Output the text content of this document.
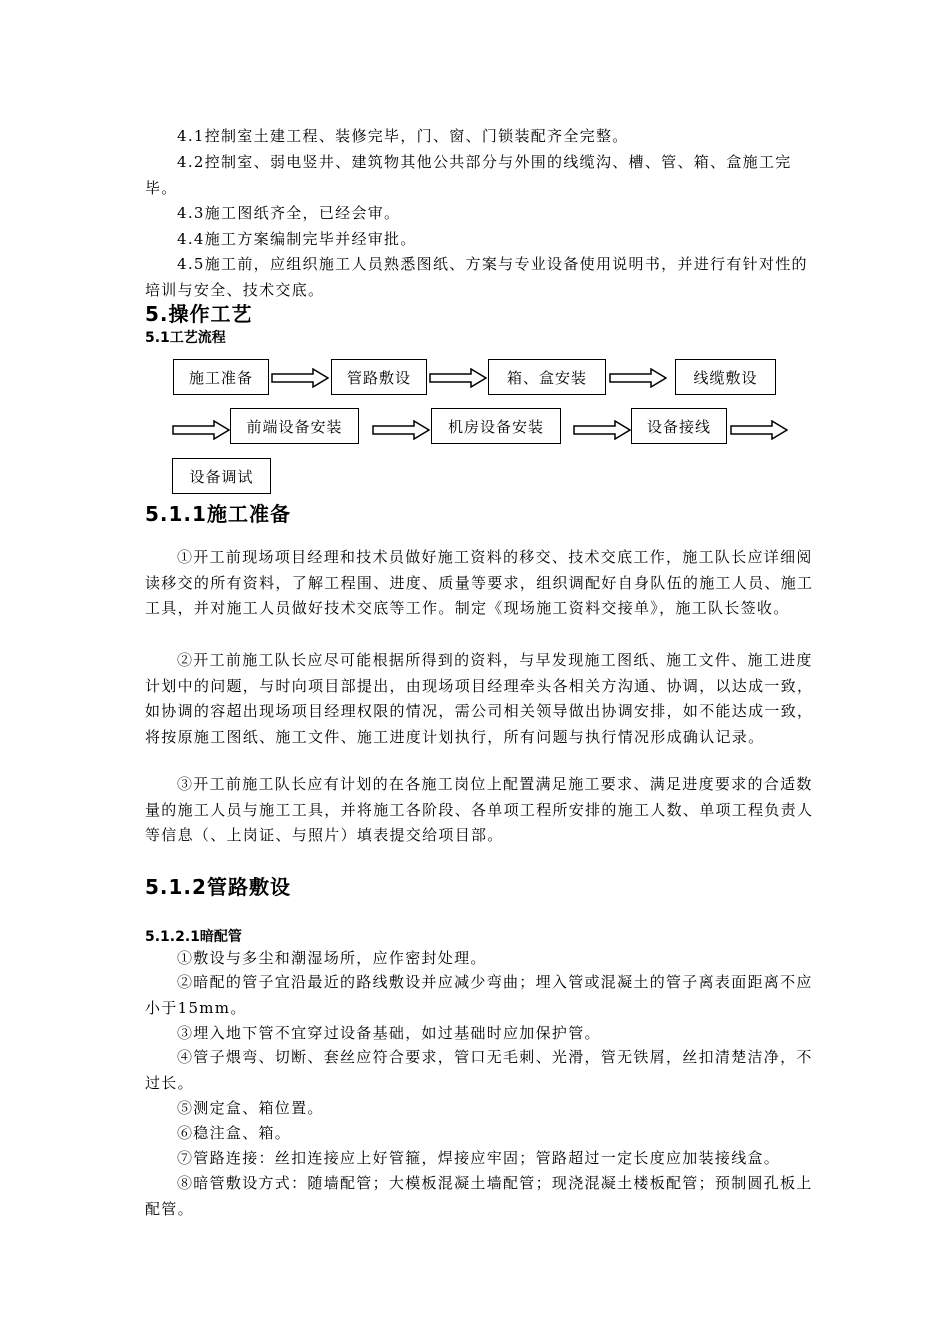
4.1控制室土建工程、装修完毕，门、窗、门锁装配齐全完整。

4.2控制室、弱电竖井、建筑物其他公共部分与外围的线缆沟、槽、管、箱、盒施工完毕。

4.3施工图纸齐全，已经会审。

4.4施工方案编制完毕并经审批。

4.5施工前，应组织施工人员熟悉图纸、方案与专业设备使用说明书，并进行有针对性的培训与安全、技术交底。

5.操作工艺
5.1工艺流程
施工准备	管路敷设	箱、盒安装	线缆敷设
前端设备安装	机房设备安装	设备接线
设备调试
5.1.1施工准备

①开工前现场项目经理和技术员做好施工资料的移交、技术交底工作，施工队长应详细阅读移交的所有资料，了解工程围、进度、质量等要求，组织调配好自身队伍的施工人员、施工工具，并对施工人员做好技术交底等工作。制定《现场施工资料交接单》，施工队长签收。

②开工前施工队长应尽可能根据所得到的资料，与早发现施工图纸、施工文件、施工进度计划中的问题，与时向项目部提出，由现场项目经理牵头各相关方沟通、协调，以达成一致，如协调的容超出现场项目经理权限的情况，需公司相关领导做出协调安排，如不能达成一致，将按原施工图纸、施工文件、施工进度计划执行，所有问题与执行情况形成确认记录。

③开工前施工队长应有计划的在各施工岗位上配置满足施工要求、满足进度要求的合适数量的施工人员与施工工具，并将施工各阶段、各单项工程所安排的施工人数、单项工程负责人等信息（、上岗证、与照片）填表提交给项目部。

5.1.2管路敷设
5.1.2.1暗配管

①敷设与多尘和潮湿场所，应作密封处理。

②暗配的管子宜沿最近的路线敷设并应减少弯曲；埋入管或混凝土的管子离表面距离不应小于15mm。

③埋入地下管不宜穿过设备基础，如过基础时应加保护管。

④管子煨弯、切断、套丝应符合要求，管口无毛刺、光滑，管无铁屑，丝扣清楚洁净，不过长。

⑤测定盒、箱位置。

⑥稳注盒、箱。

⑦管路连接：丝扣连接应上好管箍，焊接应牢固；管路超过一定长度应加装接线盒。

⑧暗管敷设方式：随墙配管；大模板混凝土墙配管；现浇混凝土楼板配管；预制圆孔板上配管。
